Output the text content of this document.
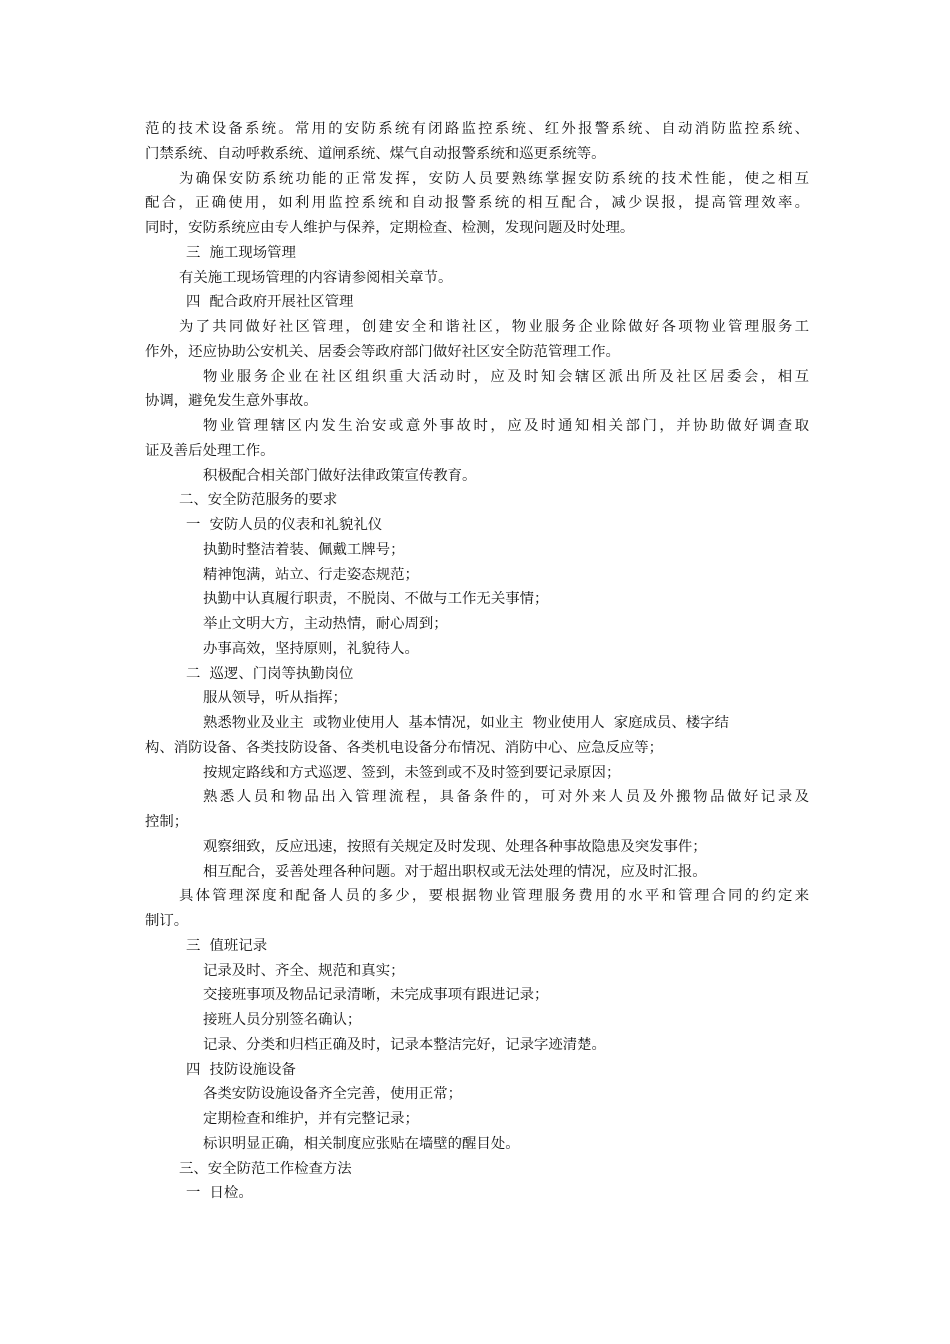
范的技术设备系统。常用的安防系统有闭路监控系统、红外报警系统、自动消防监控系统、
门禁系统、自动呼救系统、道闸系统、煤气自动报警系统和巡更系统等。
为确保安防系统功能的正常发挥，安防人员要熟练掌握安防系统的技术性能，使之相互
配合，正确使用，如利用监控系统和自动报警系统的相互配合，减少误报，提高管理效率。
同时，安防系统应由专人维护与保养，定期检查、检测，发现问题及时处理。
三  施工现场管理
有关施工现场管理的内容请参阅相关章节。
四  配合政府开展社区管理
为了共同做好社区管理，创建安全和谐社区，物业服务企业除做好各项物业管理服务工
作外，还应协助公安机关、居委会等政府部门做好社区安全防范管理工作。
物业服务企业在社区组织重大活动时，应及时知会辖区派出所及社区居委会，相互
协调，避免发生意外事故。
物业管理辖区内发生治安或意外事故时，应及时通知相关部门，并协助做好调查取
证及善后处理工作。
积极配合相关部门做好法律政策宣传教育。
二、安全防范服务的要求
一  安防人员的仪表和礼貌礼仪
执勤时整洁着装、佩戴工牌号；
精神饱满，站立、行走姿态规范；
执勤中认真履行职责，不脱岗、不做与工作无关事情；
举止文明大方，主动热情，耐心周到；
办事高效，坚持原则，礼貌待人。
二  巡逻、门岗等执勤岗位
服从领导，听从指挥；
熟悉物业及业主  或物业使用人  基本情况，如业主  物业使用人  家庭成员、楼字结
构、消防设备、各类技防设备、各类机电设备分布情况、消防中心、应急反应等；
按规定路线和方式巡逻、签到，未签到或不及时签到要记录原因；
熟悉人员和物品出入管理流程，具备条件的，可对外来人员及外搬物品做好记录及
控制；
观察细致，反应迅速，按照有关规定及时发现、处理各种事故隐患及突发事件；
相互配合，妥善处理各种问题。对于超出职权或无法处理的情况，应及时汇报。
具体管理深度和配备人员的多少，要根据物业管理服务费用的水平和管理合同的约定来
制订。
三  值班记录
记录及时、齐全、规范和真实；
交接班事项及物品记录清晰，未完成事项有跟进记录；
接班人员分别签名确认；
记录、分类和归档正确及时，记录本整洁完好，记录字迹清楚。
四  技防设施设备
各类安防设施设备齐全完善，使用正常；
定期检查和维护，并有完整记录；
标识明显正确，相关制度应张贴在墙壁的醒目处。
三、安全防范工作检查方法
一  日检。
